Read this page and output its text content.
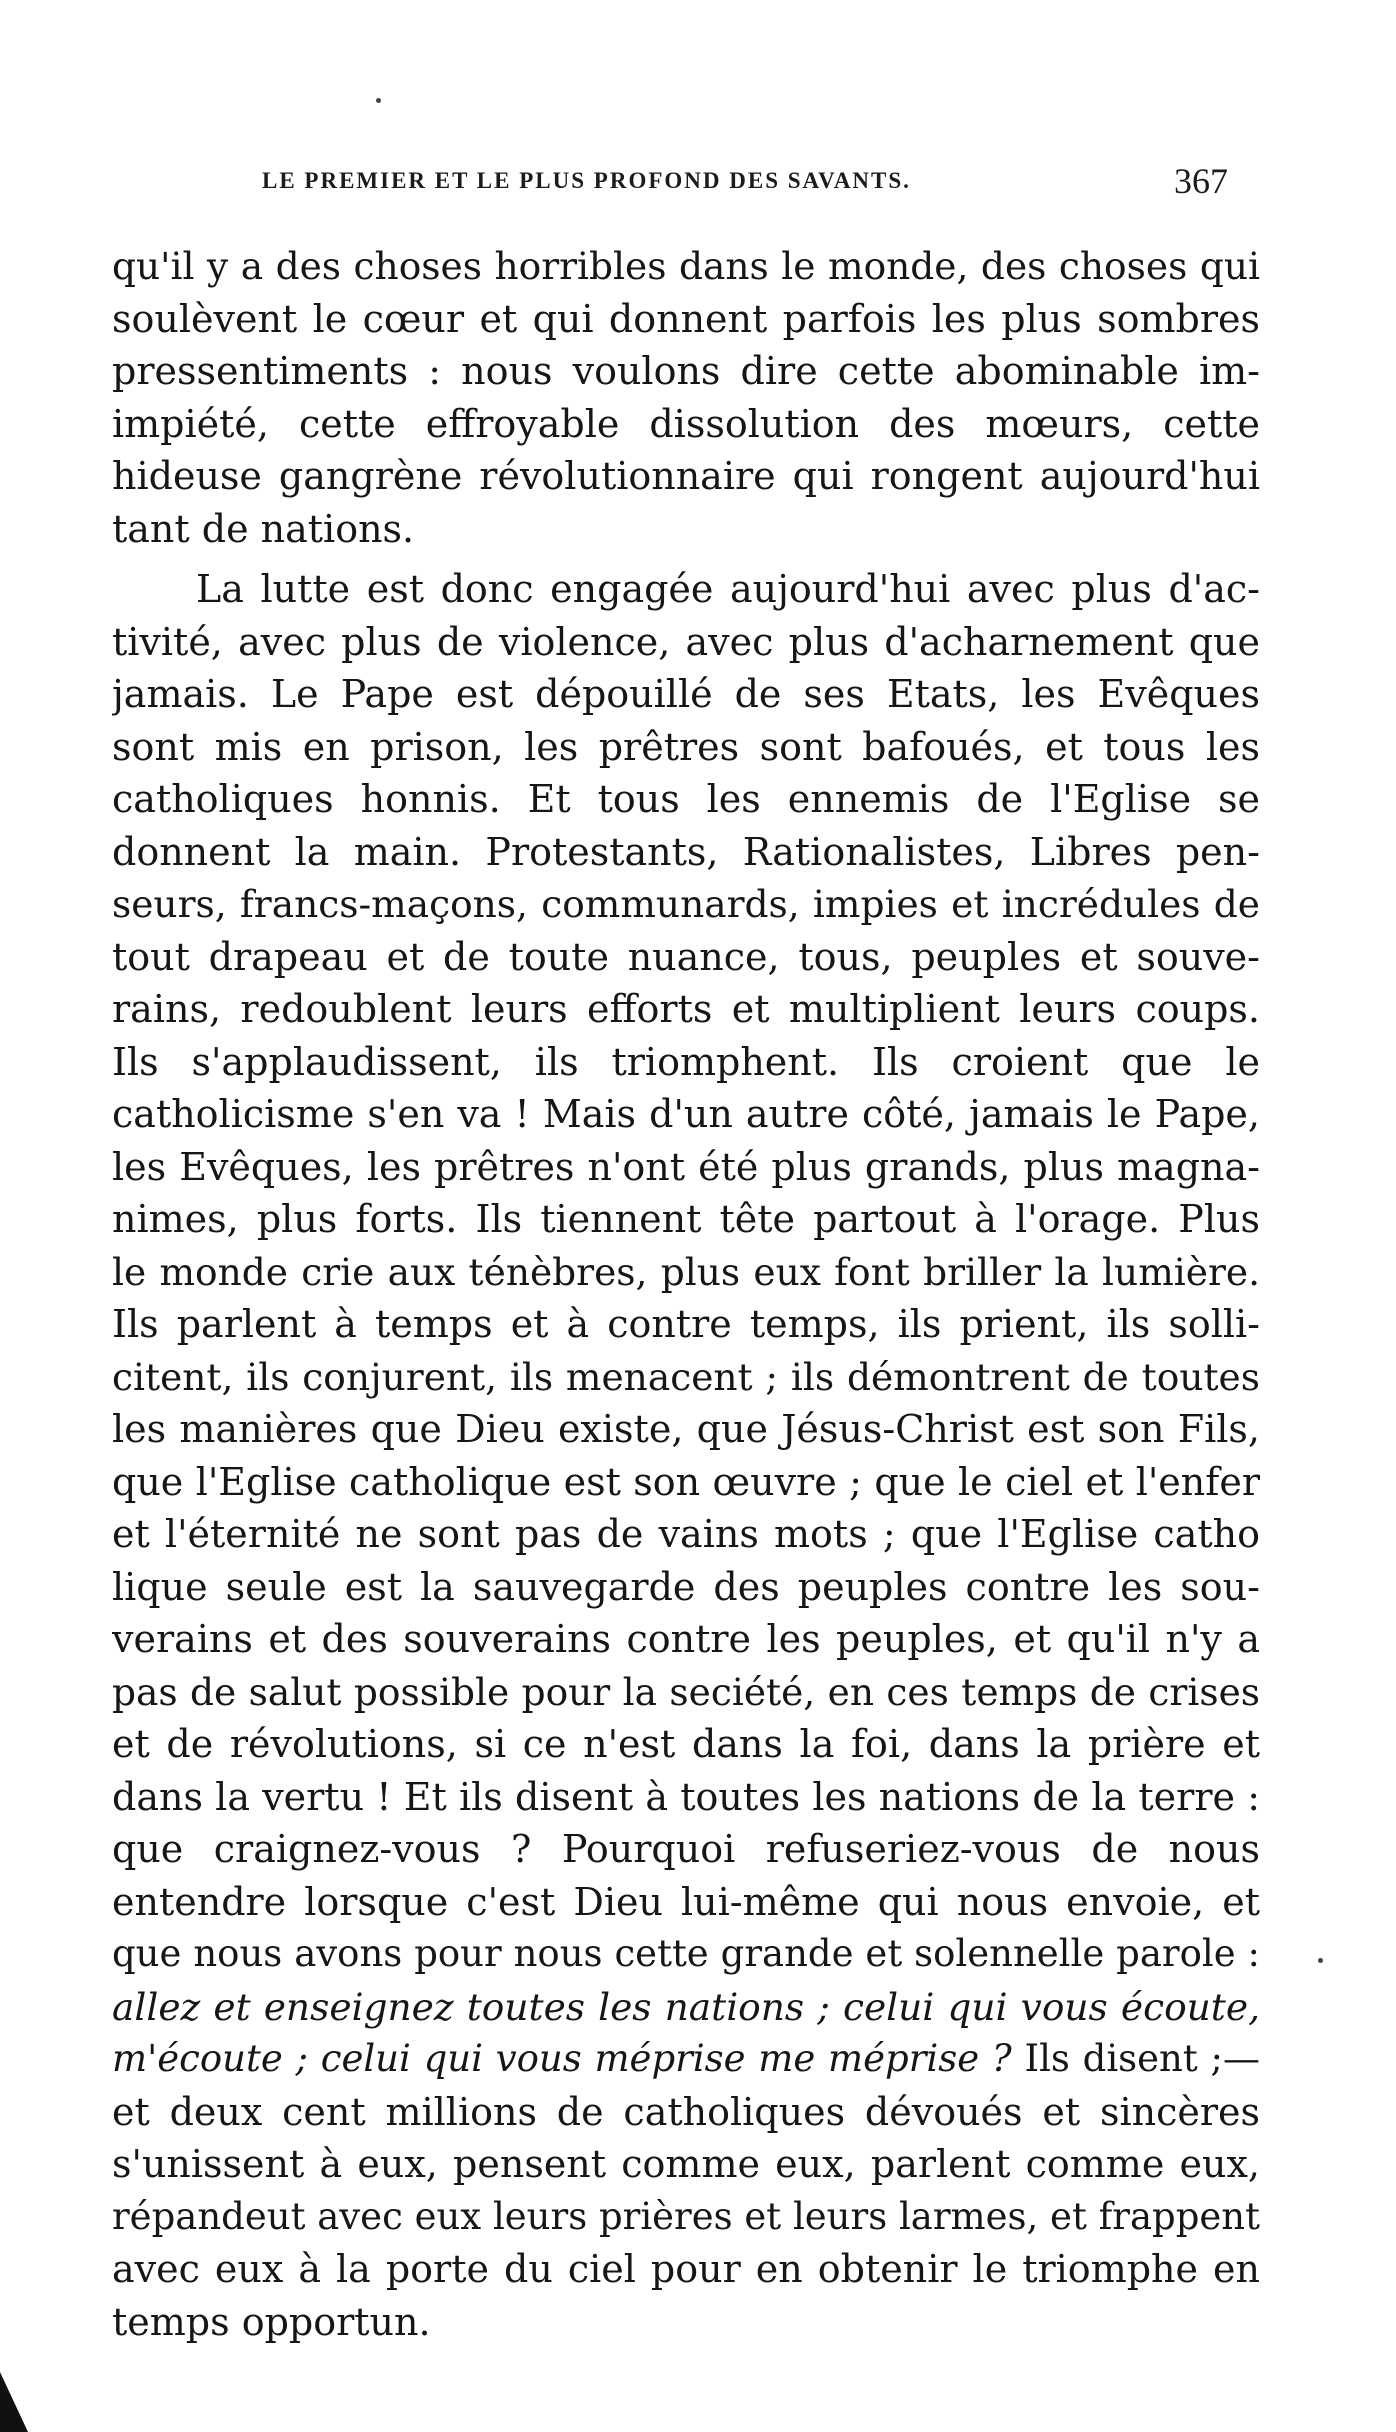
LE PREMIER ET LE PLUS PROFOND DES SAVANTS.	367
qu'il y a des choses horribles dans le monde, des choses qui
soulèvent le cœur et qui donnent parfois les plus sombres
pressentiments : nous voulons dire cette abominable im-
impiété, cette effroyable dissolution des mœurs, cette
hideuse gangrène révolutionnaire qui rongent aujourd'hui
tant de nations.
La lutte est donc engagée aujourd'hui avec plus d'ac-
tivité, avec plus de violence, avec plus d'acharnement que
jamais. Le Pape est dépouillé de ses Etats, les Evêques
sont mis en prison, les prêtres sont bafoués, et tous les
catholiques honnis. Et tous les ennemis de l'Eglise se
donnent la main. Protestants, Rationalistes, Libres pen-
seurs, francs-maçons, communards, impies et incrédules de
tout drapeau et de toute nuance, tous, peuples et souve-
rains, redoublent leurs efforts et multiplient leurs coups.
Ils s'applaudissent, ils triomphent. Ils croient que le
catholicisme s'en va ! Mais d'un autre côté, jamais le Pape,
les Evêques, les prêtres n'ont été plus grands, plus magna-
nimes, plus forts. Ils tiennent tête partout à l'orage. Plus
le monde crie aux ténèbres, plus eux font briller la lumière.
Ils parlent à temps et à contre temps, ils prient, ils solli-
citent, ils conjurent, ils menacent ; ils démontrent de toutes
les manières que Dieu existe, que Jésus-Christ est son Fils,
que l'Eglise catholique est son œuvre ; que le ciel et l'enfer
et l'éternité ne sont pas de vains mots ; que l'Eglise catho
lique seule est la sauvegarde des peuples contre les sou-
verains et des souverains contre les peuples, et qu'il n'y a
pas de salut possible pour la seciété, en ces temps de crises
et de révolutions, si ce n'est dans la foi, dans la prière et
dans la vertu ! Et ils disent à toutes les nations de la terre :
que craignez-vous ? Pourquoi refuseriez-vous de nous
entendre lorsque c'est Dieu lui-même qui nous envoie, et
que nous avons pour nous cette grande et solennelle parole :
allez et enseignez toutes les nations ; celui qui vous écoute,
m'écoute ; celui qui vous méprise me méprise ? Ils disent ;—
et deux cent millions de catholiques dévoués et sincères
s'unissent à eux, pensent comme eux, parlent comme eux,
répandeut avec eux leurs prières et leurs larmes, et frappent
avec eux à la porte du ciel pour en obtenir le triomphe en
temps opportun.
